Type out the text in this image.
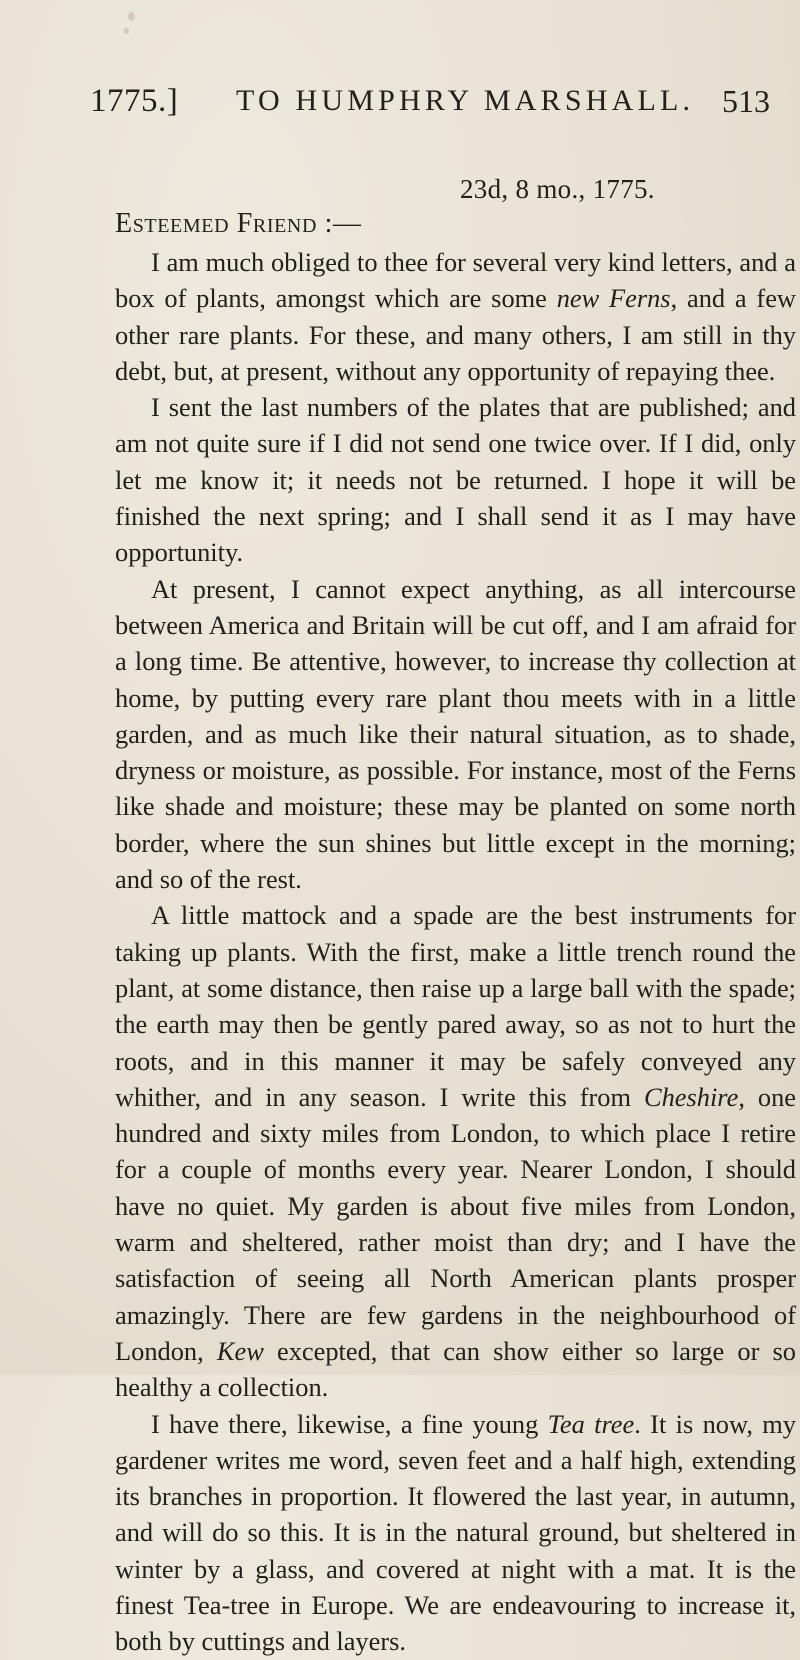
1775.] TO HUMPHRY MARSHALL. 513
23d, 8 mo., 1775.
Esteemed Friend :—

I am much obliged to thee for several very kind letters, and a box of plants, amongst which are some new Ferns, and a few other rare plants. For these, and many others, I am still in thy debt, but, at present, without any opportunity of repaying thee.

I sent the last numbers of the plates that are published; and am not quite sure if I did not send one twice over. If I did, only let me know it; it needs not be returned. I hope it will be finished the next spring; and I shall send it as I may have opportunity.

At present, I cannot expect anything, as all intercourse between America and Britain will be cut off, and I am afraid for a long time. Be attentive, however, to increase thy collection at home, by putting every rare plant thou meets with in a little garden, and as much like their natural situation, as to shade, dryness or moisture, as possible. For instance, most of the Ferns like shade and moisture; these may be planted on some north border, where the sun shines but little except in the morning; and so of the rest.

A little mattock and a spade are the best instruments for taking up plants. With the first, make a little trench round the plant, at some distance, then raise up a large ball with the spade; the earth may then be gently pared away, so as not to hurt the roots, and in this manner it may be safely conveyed any whither, and in any season. I write this from Cheshire, one hundred and sixty miles from London, to which place I retire for a couple of months every year. Nearer London, I should have no quiet. My garden is about five miles from London, warm and sheltered, rather moist than dry; and I have the satisfaction of seeing all North American plants prosper amazingly. There are few gardens in the neighbourhood of London, Kew excepted, that can show either so large or so healthy a collection.

I have there, likewise, a fine young Tea tree. It is now, my gardener writes me word, seven feet and a half high, extending its branches in proportion. It flowered the last year, in autumn, and will do so this. It is in the natural ground, but sheltered in winter by a glass, and covered at night with a mat. It is the finest Tea-tree in Europe. We are endeavouring to increase it, both by cuttings and layers.
